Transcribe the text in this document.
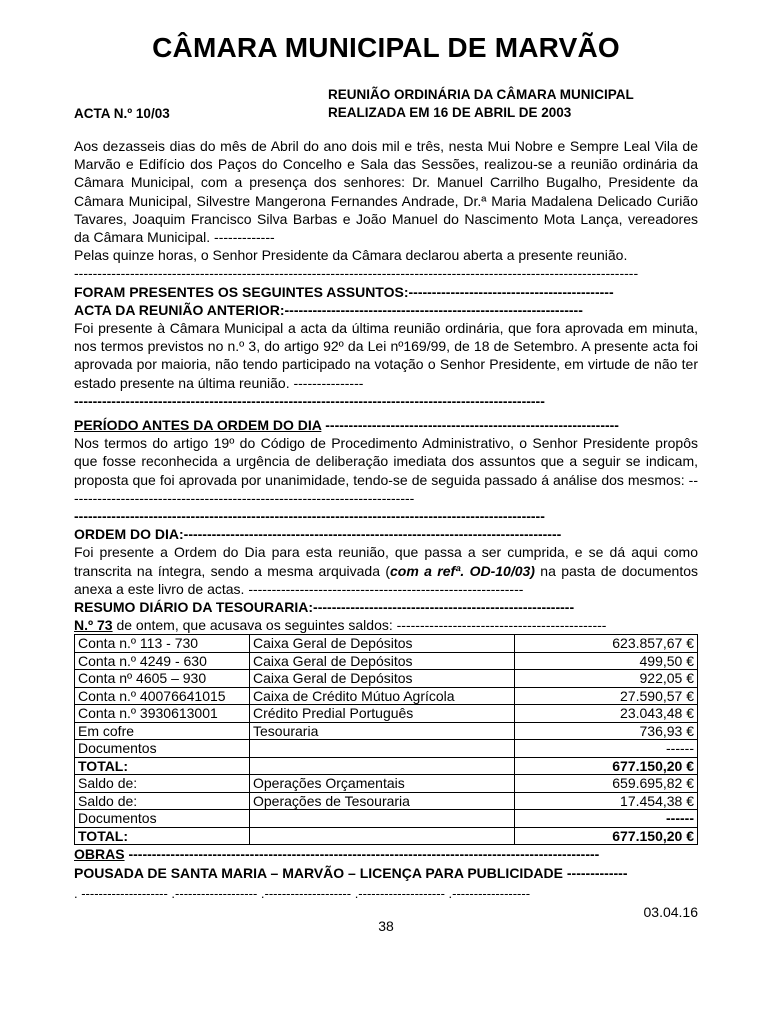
CÂMARA MUNICIPAL DE MARVÃO
REUNIÃO ORDINÁRIA DA CÂMARA MUNICIPAL
REALIZADA EM 16 DE ABRIL DE 2003
ACTA N.º 10/03

Aos dezasseis dias do mês de Abril do ano dois mil e três, nesta Mui Nobre e Sempre Leal Vila de Marvão e Edifício dos Paços do Concelho e Sala das Sessões, realizou-se a reunião ordinária da Câmara Municipal, com a presença dos senhores: Dr. Manuel Carrilho Bugalho, Presidente da Câmara Municipal, Silvestre Mangerona Fernandes Andrade, Dr.ª Maria Madalena Delicado Curião Tavares, Joaquim Francisco Silva Barbas e João Manuel do Nascimento Mota Lança, vereadores da Câmara Municipal. -------------

Pelas quinze horas, o Senhor Presidente da Câmara declarou aberta a presente reunião.
-------------------------------------------------------------------------------------------------------------------------
FORAM PRESENTES OS SEGUINTES ASSUNTOS:--------------------------------------------
ACTA DA REUNIÃO ANTERIOR:----------------------------------------------------------------

Foi presente à Câmara Municipal a acta da última reunião ordinária, que fora aprovada em minuta, nos termos previstos no n.º 3, do artigo 92º da Lei nº169/99, de 18 de Setembro. A presente acta foi aprovada por maioria, não tendo participado na votação o Senhor Presidente, em virtude de não ter estado presente na última reunião. ---------------

-----------------------------------------------------------------------------------------------------
PERÍODO ANTES DA ORDEM DO DIA ---------------------------------------------------------------

Nos termos do artigo 19º do Código de Procedimento Administrativo, o Senhor Presidente propôs que fosse reconhecida a urgência de deliberação imediata dos assuntos que a seguir se indicam, proposta que foi aprovada por unanimidade, tendo-se de seguida passado á análise dos mesmos: ---------------------------------------------------------------------------

-----------------------------------------------------------------------------------------------------
ORDEM DO DIA:---------------------------------------------------------------------------------

Foi presente a Ordem do Dia para esta reunião, que passa a ser cumprida, e se dá aqui como transcrita na íntegra, sendo a mesma arquivada (com a refª. OD-10/03) na pasta de documentos anexa a este livro de actas. -----------------------------------------------------------

RESUMO DIÁRIO DA TESOURARIA:--------------------------------------------------------
N.º 73 de ontem, que acusava os seguintes saldos: ---------------------------------------------
Conta n.º 113 - 730	Caixa Geral de Depósitos	623.857,67 €
Conta n.º 4249 - 630	Caixa Geral de Depósitos	499,50 €
Conta nº 4605 – 930	Caixa Geral de Depósitos	922,05 €
Conta n.º 40076641015	Caixa de Crédito Mútuo Agrícola	27.590,57 €
Conta n.º 3930613001	Crédito Predial Português	23.043,48 €
Em cofre	Tesouraria	736,93 €
Documentos		------
TOTAL:		677.150,20 €
Saldo de:	Operações Orçamentais	659.695,82 €
Saldo de:	Operações de Tesouraria	17.454,38 €
Documentos		------
TOTAL:		677.150,20 €
OBRAS -----------------------------------------------------------------------------------------------------
POUSADA DE SANTA MARIA – MARVÃO – LICENÇA PARA PUBLICIDADE -------------
. -------------------- .------------------- .-------------------- .-------------------- .------------------
03.04.16
38
